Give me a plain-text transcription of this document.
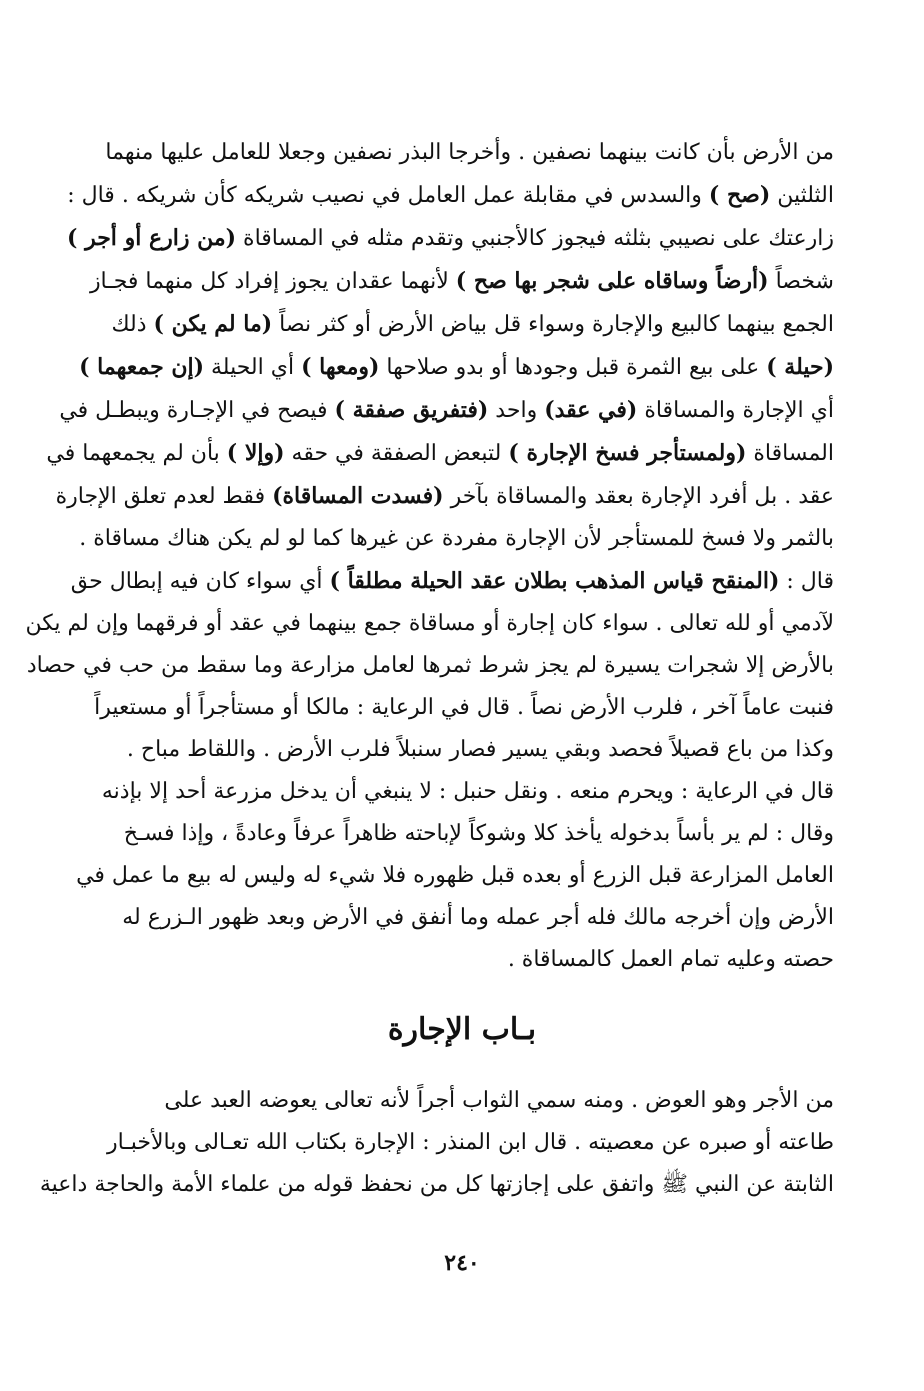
من الأرض بأن كانت بينهما نصفين . وأخرجا البذر نصفين وجعلا للعامل عليها منهما
الثلثين (صح ) والسدس في مقابلة عمل العامل في نصيب شريكه كأن شريكه . قال :
زارعتك على نصيبي بثلثه فيجوز كالأجنبي وتقدم مثله في المساقاة (من زارع أو أجر )
شخصاً (أرضاً وساقاه على شجر بها صح ) لأنهما عقدان يجوز إفراد كل منهما فجـاز
الجمع بينهما كالبيع والإجارة وسواء قل بياض الأرض أو كثر نصاً (ما لم يكن ) ذلك
(حيلة ) على بيع الثمرة قبل وجودها أو بدو صلاحها (ومعها ) أي الحيلة (إن جمعهما )
أي الإجارة والمساقاة (في عقد) واحد (فتفريق صفقة ) فيصح في الإجـارة ويبطـل في
المساقاة (ولمستأجر فسخ الإجارة ) لتبعض الصفقة في حقه (وإلا ) بأن لم يجمعهما في
عقد . بل أفرد الإجارة بعقد والمساقاة بآخر (فسدت المساقاة) فقط لعدم تعلق الإجارة
بالثمر ولا فسخ للمستأجر لأن الإجارة مفردة عن غيرها كما لو لم يكن هناك مساقاة .
قال : (المنقح قياس المذهب بطلان عقد الحيلة مطلقاً ) أي سواء كان فيه إبطال حق
لآدمي أو لله تعالى . سواء كان إجارة أو مساقاة جمع بينهما في عقد أو فرقهما وإن لم يكن
بالأرض إلا شجرات يسيرة لم يجز شرط ثمرها لعامل مزارعة وما سقط من حب في حصاد
فنبت عاماً آخر ، فلرب الأرض نصاً . قال في الرعاية : مالكا أو مستأجراً أو مستعيراً
وكذا من باع قصيلاً فحصد وبقي يسير فصار سنبلاً فلرب الأرض . واللقاط مباح .
قال في الرعاية : ويحرم منعه . ونقل حنبل : لا ينبغي أن يدخل مزرعة أحد إلا بإذنه
وقال : لم ير بأساً بدخوله يأخذ كلا وشوكاً لإباحته ظاهراً عرفاً وعادةً ، وإذا فسـخ
العامل المزارعة قبل الزرع أو بعده قبل ظهوره فلا شيء له وليس له بيع ما عمل في
الأرض وإن أخرجه مالك فله أجر عمله وما أنفق في الأرض وبعد ظهور الـزرع له
حصته وعليه تمام العمل كالمساقاة .
بـاب الإجارة
من الأجر وهو العوض . ومنه سمي الثواب أجراً لأنه تعالى يعوضه العبد على
طاعته أو صبره عن معصيته . قال ابن المنذر : الإجارة بكتاب الله تعـالى وبالأخبـار
الثابتة عن النبي ﷺ واتفق على إجازتها كل من نحفظ قوله من علماء الأمة والحاجة داعية
٢٤٠
